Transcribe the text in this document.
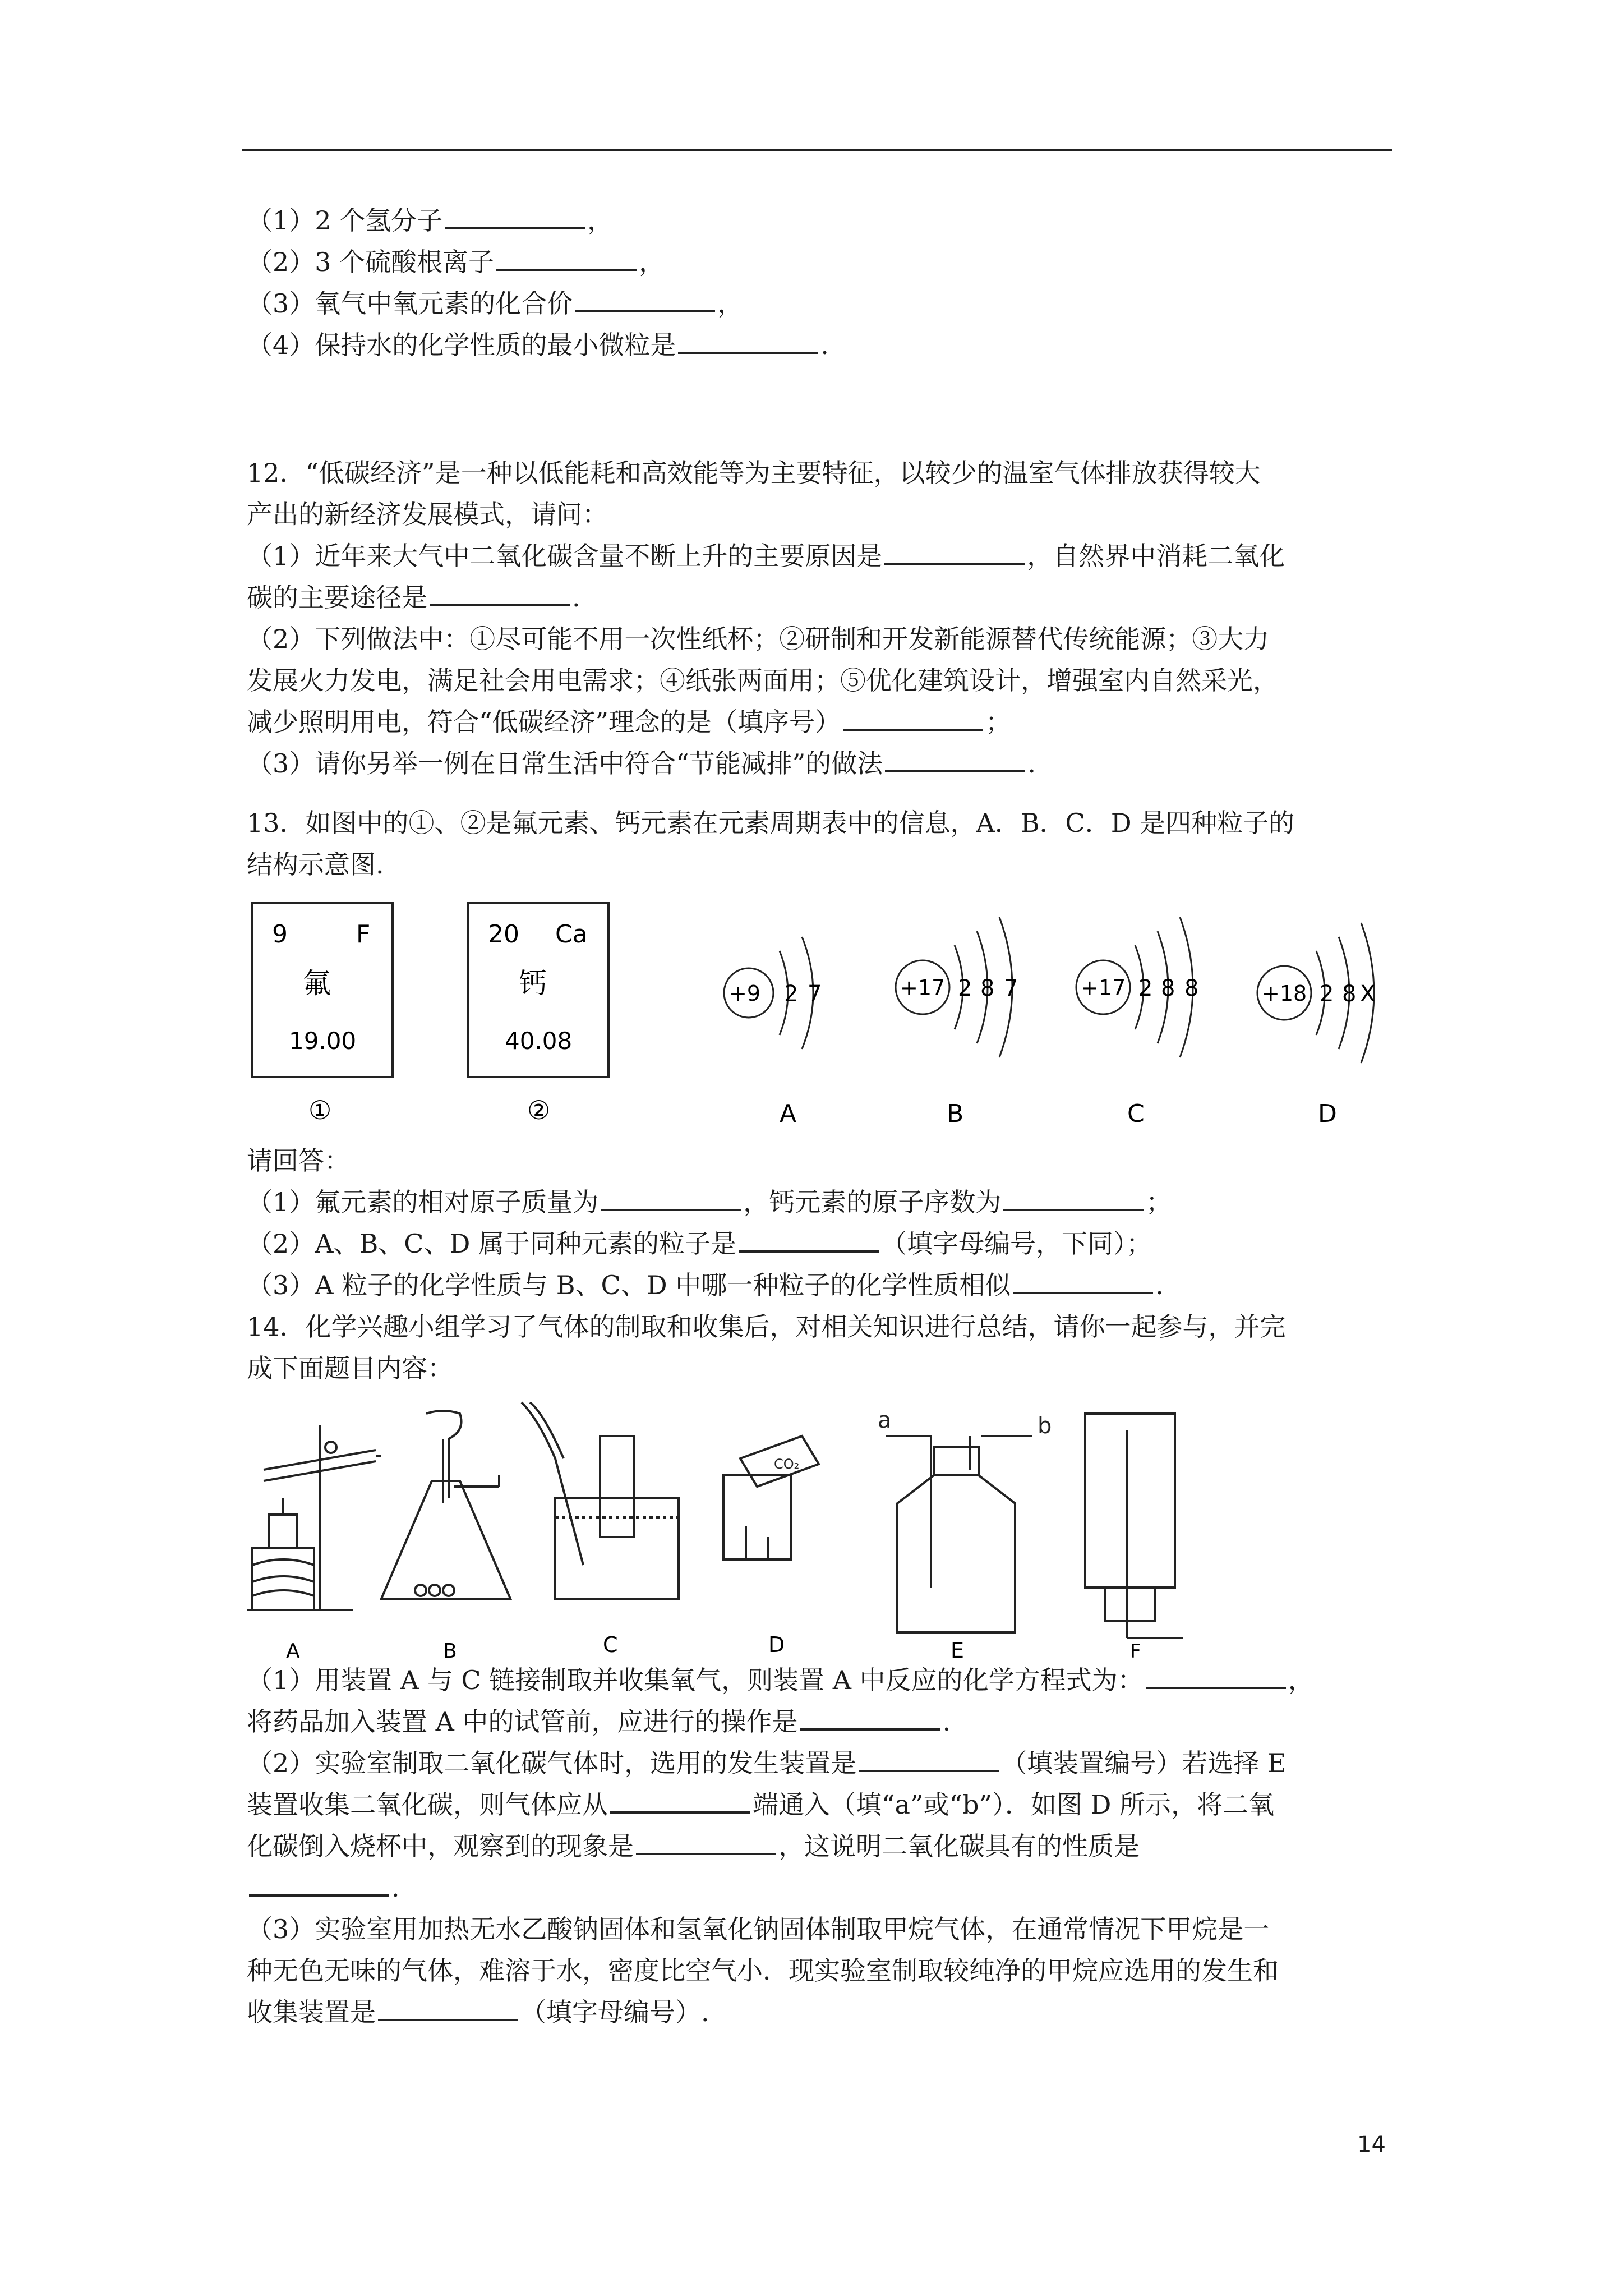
（1）2 个氢分子	，
（2）3 个硫酸根离子	，
（3）氧气中氧元素的化合价	，
（4）保持水的化学性质的最小微粒是	.
12．“低碳经济”是一种以低能耗和高效能等为主要特征，以较少的温室气体排放获得较大
产出的新经济发展模式，请问：
（1）近年来大气中二氧化碳含量不断上升的主要原因是	，自然界中消耗二氧化
碳的主要途径是	.
（2）下列做法中：①尽可能不用一次性纸杯；②研制和开发新能源替代传统能源；③大力
发展火力发电，满足社会用电需求；④纸张两面用；⑤优化建筑设计，增强室内自然采光，
减少照明用电，符合“低碳经济”理念的是（填序号）	；
（3）请你另举一例在日常生活中符合“节能减排”的做法	.
13．如图中的①、②是氟元素、钙元素在元素周期表中的信息，A．B．C．D 是四种粒子的
结构示意图.
9	F
氟
19.00
①
20 Ca
钙
40.08
②
+9 2 7
A
+17 2 8 7
B
+17 2 8 8
C
+18 2 8 X
D
请回答：
（1）氟元素的相对原子质量为	，钙元素的原子序数为	；
（2）A、B、C、D 属于同种元素的粒子是	（填字母编号，下同）；
（3）A 粒子的化学性质与 B、C、D 中哪一种粒子的化学性质相似	.
14．化学兴趣小组学习了气体的制取和收集后，对相关知识进行总结，请你一起参与，并完
成下面题目内容：
CO₂
a	b
A	B	C	D	E	F
（1）用装置 A 与 C 链接制取并收集氧气，则装置 A 中反应的化学方程式为：	，
将药品加入装置 A 中的试管前，应进行的操作是	.
（2）实验室制取二氧化碳气体时，选用的发生装置是	（填装置编号）若选择 E
装置收集二氧化碳，则气体应从	端通入（填“a”或“b”）．如图 D 所示，将二氧
化碳倒入烧杯中，观察到的现象是	，这说明二氧化碳具有的性质是
.
（3）实验室用加热无水乙酸钠固体和氢氧化钠固体制取甲烷气体，在通常情况下甲烷是一
种无色无味的气体，难溶于水，密度比空气小．现实验室制取较纯净的甲烷应选用的发生和
收集装置是	（填字母编号）.
14
